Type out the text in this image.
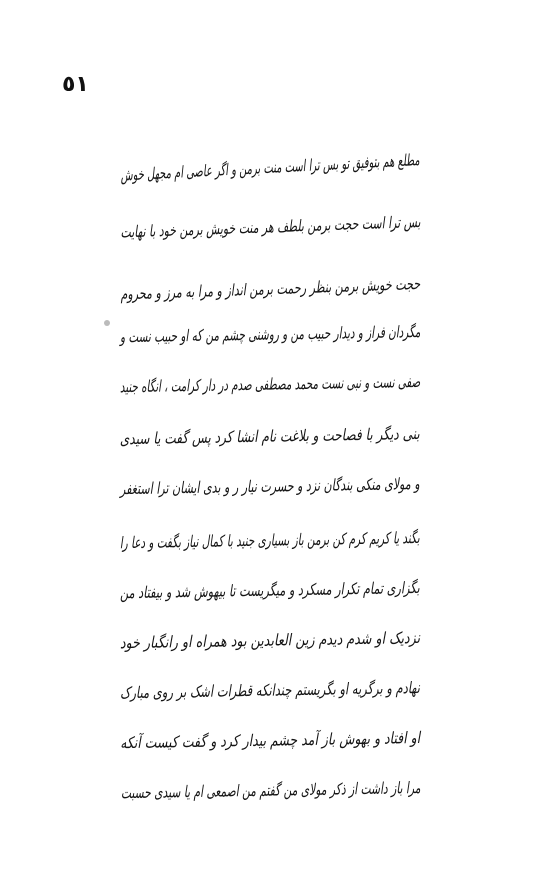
٥١
مطلع هم بتوفیق تو بس ترا است منت برمن و اگر عاصی ام مجهل خوش
بس ترا است حجت برمن بلطف هر منت خویش برمن خود با نهایت
حجت خویش برمن بنظر رحمت برمن انداز و مرا به مرز و محروم
مگردان فراز و دیدار حبیب من و روشنی چشم من که او حبیب نست و
صفی نست و نبی نست محمد مصطفی صدم در دار کرامت ، انگاه جنید
بنی دیگر با فصاحت و بلاغت نام انشا کرد پس گفت یا سیدی
و مولای منکی بندگان نزد و حسرت نیار ر و بدی ایشان ترا استغفر
بگند یا کریم کرم کن برمن باز بسیاری جنید با کمال نیاز بگفت و دعا را
بگزاری تمام تکرار مسکرد و میگریست تا بیهوش شد و بیفتاد من
نزدیک او شدم دیدم زین العابدین بود همراه او رانگبار خود
نهادم و برگریه او بگریستم چندانکه قطرات اشک بر روی مبارک
او افتاد و بهوش باز آمد چشم بیدار کرد و گفت کیست آنکه
مرا باز داشت از ذکر مولای من گفتم من اصمعی ام یا سیدی حسبت
